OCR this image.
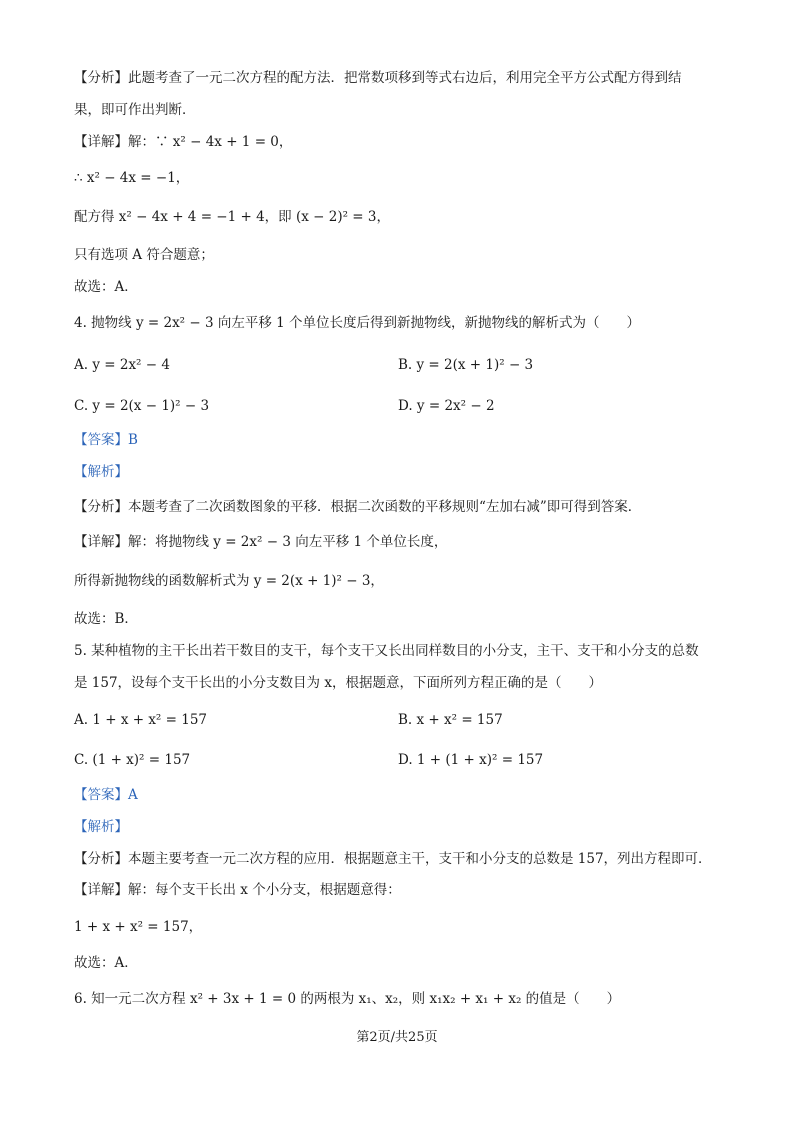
【分析】此题考查了一元二次方程的配方法．把常数项移到等式右边后，利用完全平方公式配方得到结
果，即可作出判断．
【详解】解：∵ x² − 4x + 1 = 0，
∴ x² − 4x = −1，
配方得 x² − 4x + 4 = −1 + 4，即 (x − 2)² = 3，
只有选项 A 符合题意；
故选：A．
4. 抛物线 y = 2x² − 3 向左平移 1 个单位长度后得到新抛物线，新抛物线的解析式为（　　）
【答案】B
【解析】
【分析】本题考查了二次函数图象的平移．根据二次函数的平移规则“左加右减”即可得到答案．
【详解】解：将抛物线 y = 2x² − 3 向左平移 1 个单位长度，
所得新抛物线的函数解析式为 y = 2(x + 1)² − 3，
故选：B．
5. 某种植物的主干长出若干数目的支干，每个支干又长出同样数目的小分支，主干、支干和小分支的总数
是 157，设每个支干长出的小分支数目为 x，根据题意，下面所列方程正确的是（　　）
【答案】A
【解析】
【分析】本题主要考查一元二次方程的应用．根据题意主干，支干和小分支的总数是 157，列出方程即可．
【详解】解：每个支干长出 x 个小分支，根据题意得：
1 + x + x² = 157，
故选：A．
6. 知一元二次方程 x² + 3x + 1 = 0 的两根为 x₁、x₂，则 x₁x₂ + x₁ + x₂ 的值是（　　）
A. y = 2x² − 4	B. y = 2(x + 1)² − 3
C. y = 2(x − 1)² − 3	D. y = 2x² − 2
A. 1 + x + x² = 157	B. x + x² = 157
C. (1 + x)² = 157	D. 1 + (1 + x)² = 157
第2页/共25页
